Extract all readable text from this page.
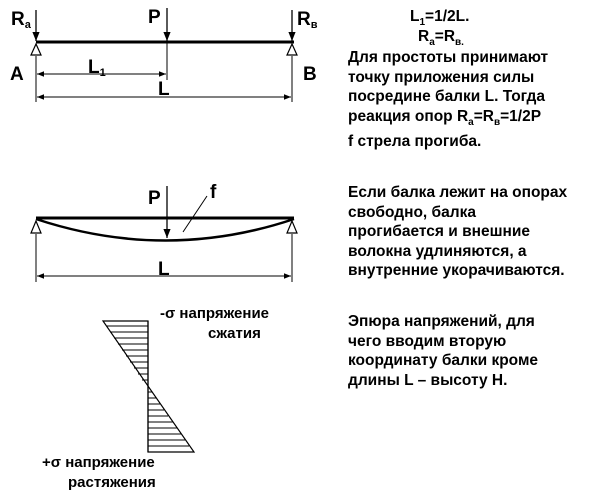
Rа	Rв
P
A	B
L1
L
P	f
L
-σ напряжение
сжатия
+σ напряжение
растяжения
$L_1=1/2L$.
$R_а=R_{в.}$
Для простоты принимают
точку приложения силы
посредине балки L. Тогда
реакция опор $R_а=R_в=1/2P$
f стрела прогиба.
Если балка лежит на опорах
свободно, балка
прогибается и внешние
волокна удлиняются, а
внутренние укорачиваются.
Эпюра напряжений, для
чего вводим вторую
координату балки кроме
длины L – высоту H.
